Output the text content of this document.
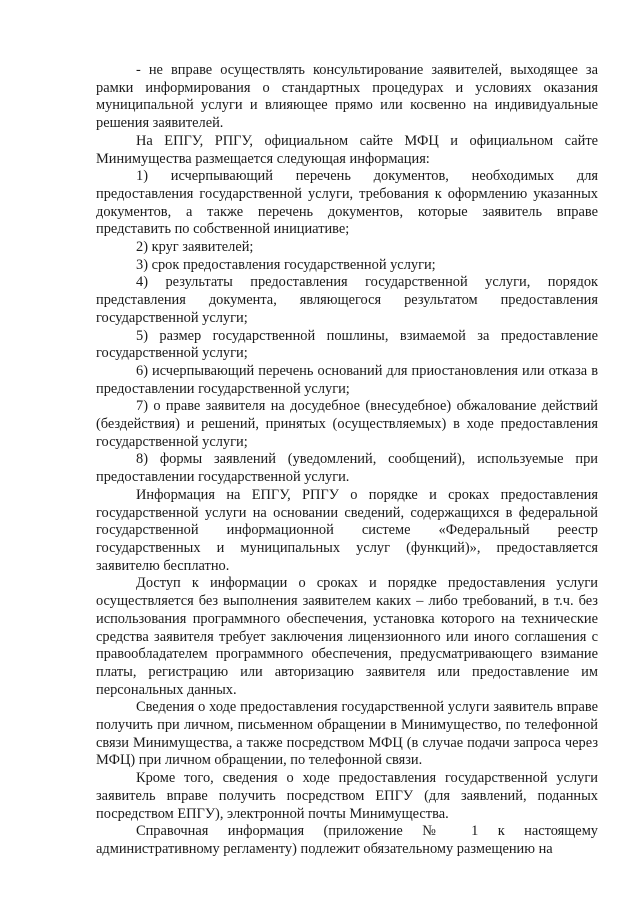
- не вправе осуществлять консультирование заявителей, выходящее за рамки информирования о стандартных процедурах и условиях оказания муниципальной услуги и влияющее прямо или косвенно на индивидуальные решения заявителей.

На ЕПГУ, РПГУ, официальном сайте МФЦ и официальном сайте Минимущества размещается следующая информация:

1) исчерпывающий перечень документов, необходимых для предоставления государственной услуги, требования к оформлению указанных документов, а также перечень документов, которые заявитель вправе представить по собственной инициативе;

2) круг заявителей;

3) срок предоставления государственной услуги;

4) результаты предоставления государственной услуги, порядок представления документа, являющегося результатом предоставления государственной услуги;

5) размер государственной пошлины, взимаемой за предоставление государственной услуги;

6) исчерпывающий перечень оснований для приостановления или отказа в предоставлении государственной услуги;

7) о праве заявителя на досудебное (внесудебное) обжалование действий (бездействия) и решений, принятых (осуществляемых) в ходе предоставления государственной услуги;

8) формы заявлений (уведомлений, сообщений), используемые при предоставлении государственной услуги.

Информация на ЕПГУ, РПГУ о порядке и сроках предоставления государственной услуги на основании сведений, содержащихся в федеральной государственной информационной системе «Федеральный реестр государственных и муниципальных услуг (функций)», предоставляется заявителю бесплатно.

Доступ к информации о сроках и порядке предоставления услуги осуществляется без выполнения заявителем каких – либо требований, в т.ч. без использования программного обеспечения, установка которого на технические средства заявителя требует заключения лицензионного или иного соглашения с правообладателем программного обеспечения, предусматривающего взимание платы, регистрацию или авторизацию заявителя или предоставление им персональных данных.

Сведения о ходе предоставления государственной услуги заявитель вправе получить при личном, письменном обращении в Минимущество, по телефонной связи Минимущества, а также посредством МФЦ (в случае подачи запроса через МФЦ) при личном обращении, по телефонной связи.

Кроме того, сведения о ходе предоставления государственной услуги заявитель вправе получить посредством ЕПГУ (для заявлений, поданных посредством ЕПГУ), электронной почты Минимущества.

Справочная информация (приложение № 1 к настоящему административному регламенту) подлежит обязательному размещению на
